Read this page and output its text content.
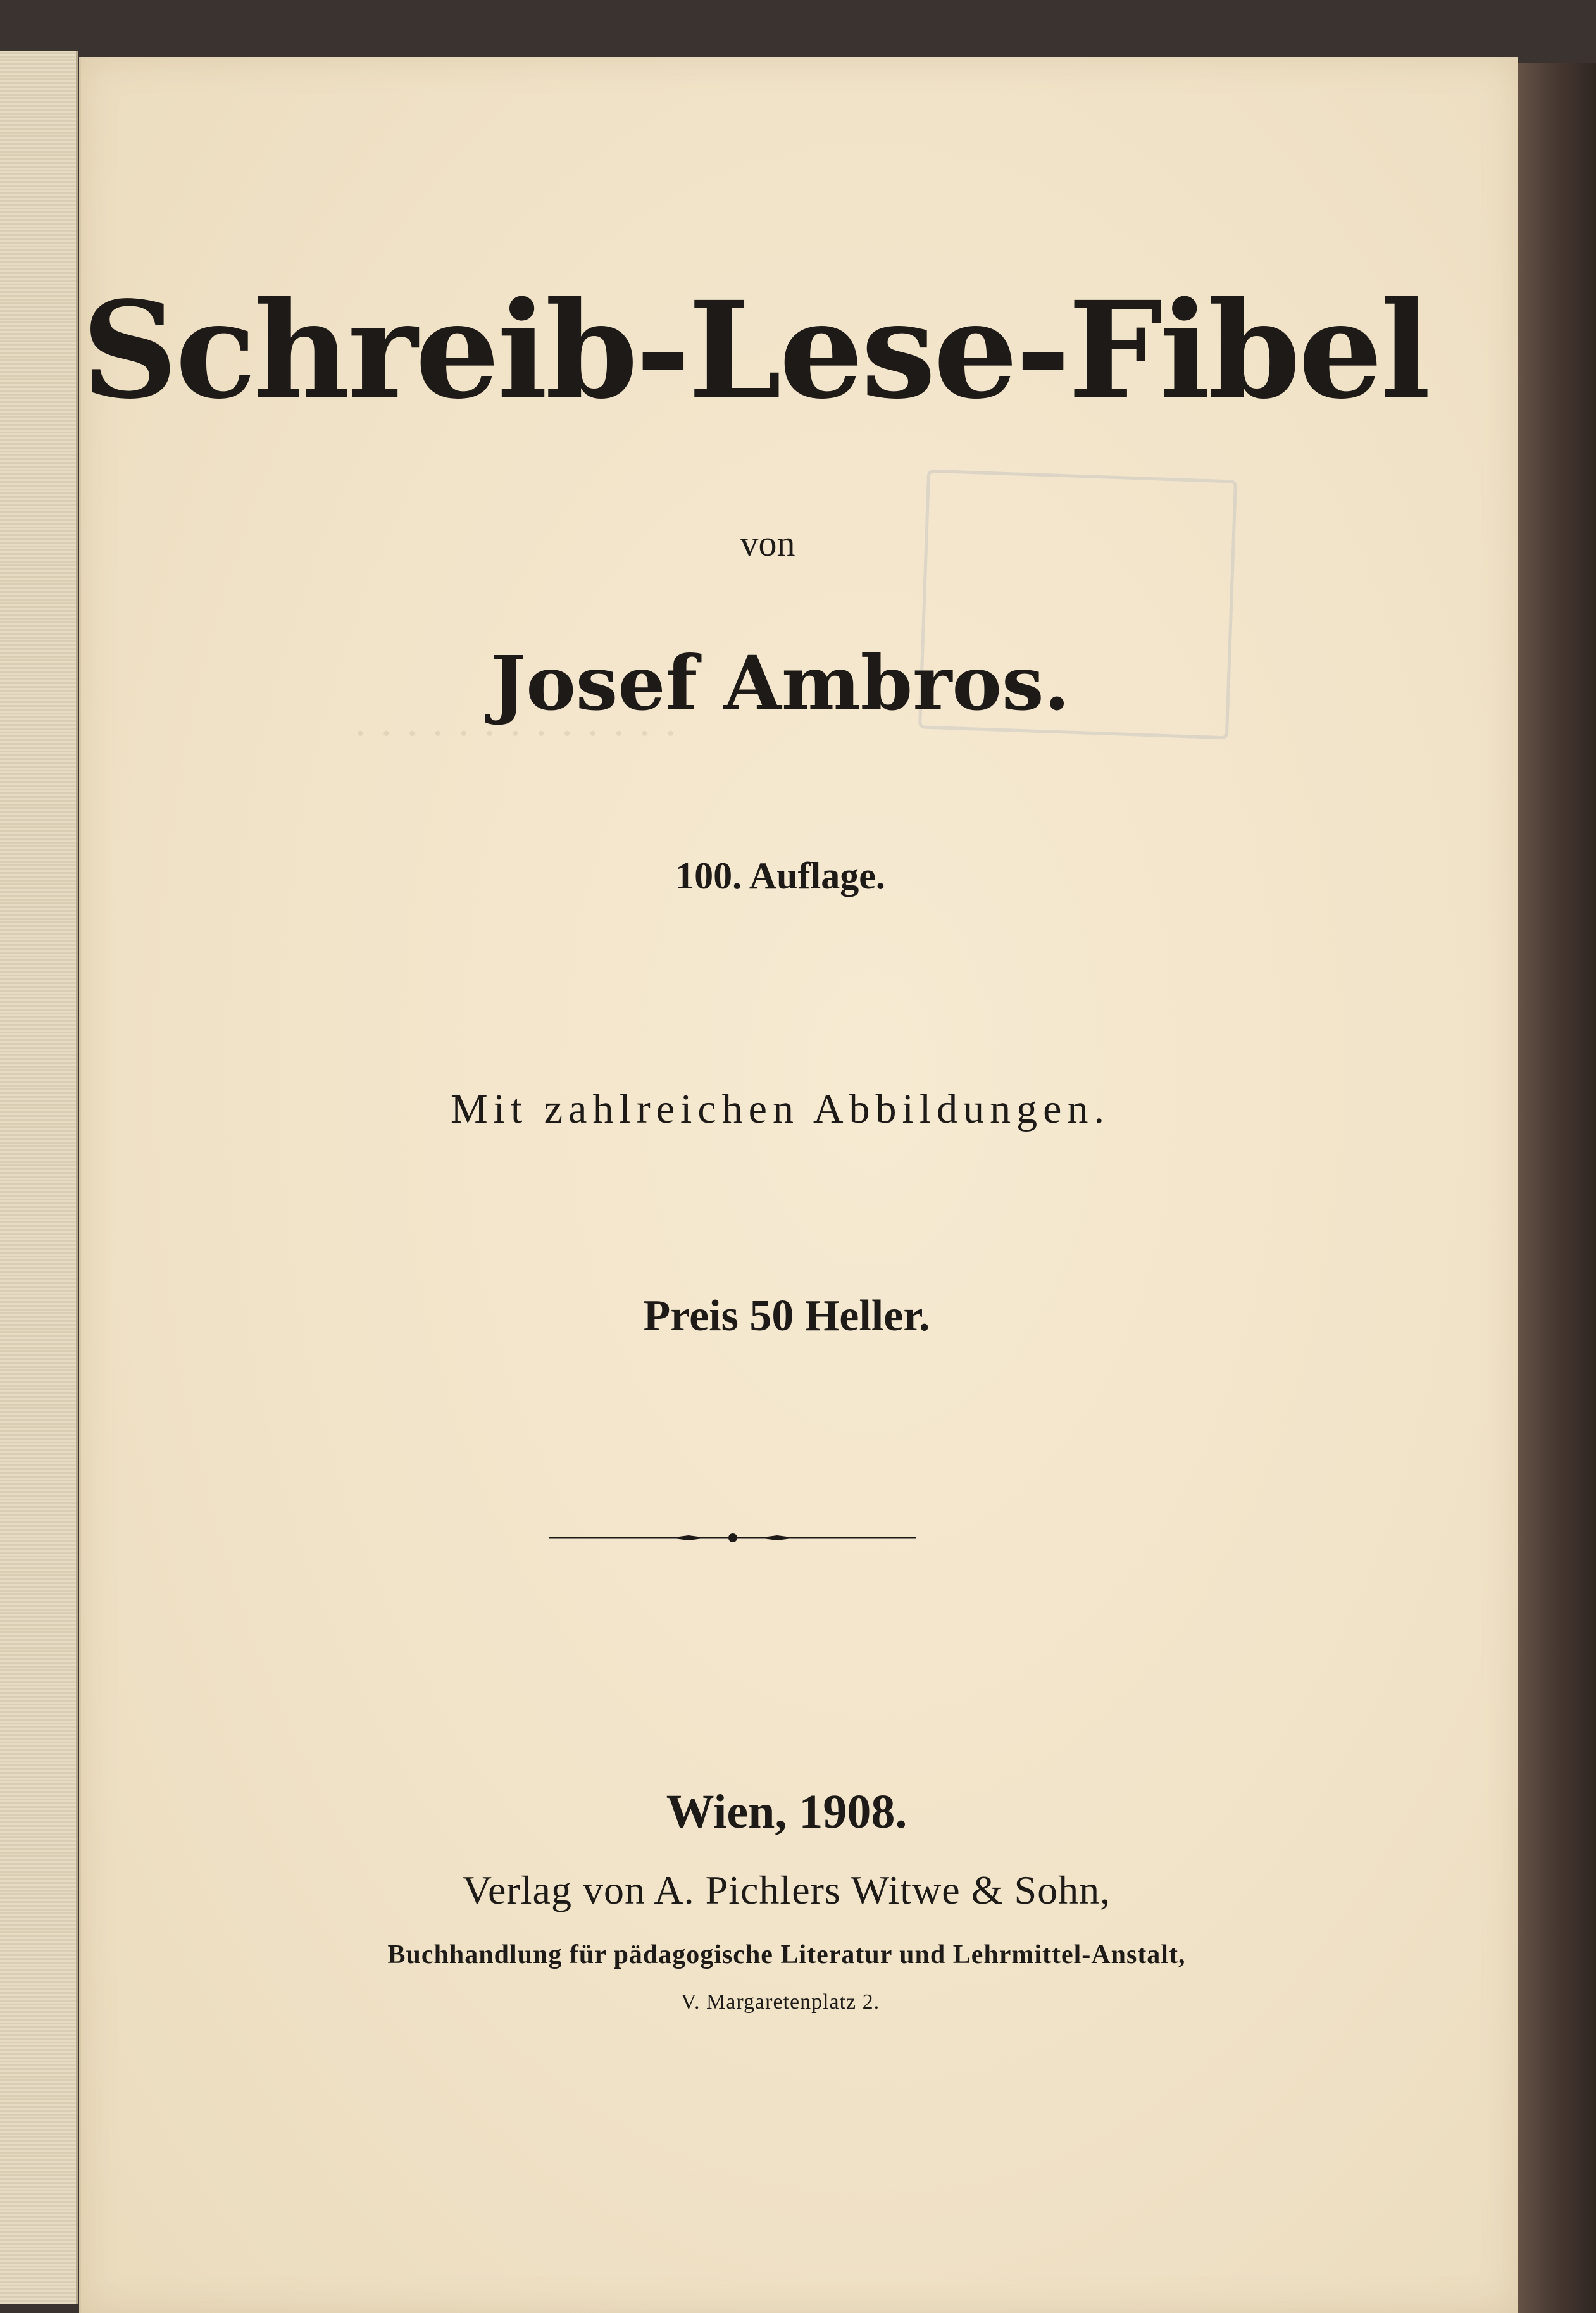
· · · · · · · · · · · · ·
Schreib-Lese-Fibel
von
Josef Ambros.
100. Auflage.
Mit zahlreichen Abbildungen.
Preis 50 Heller.
Wien, 1908.
Verlag von A. Pichlers Witwe & Sohn,
Buchhandlung für pädagogische Literatur und Lehrmittel-Anstalt,
V. Margaretenplatz 2.
